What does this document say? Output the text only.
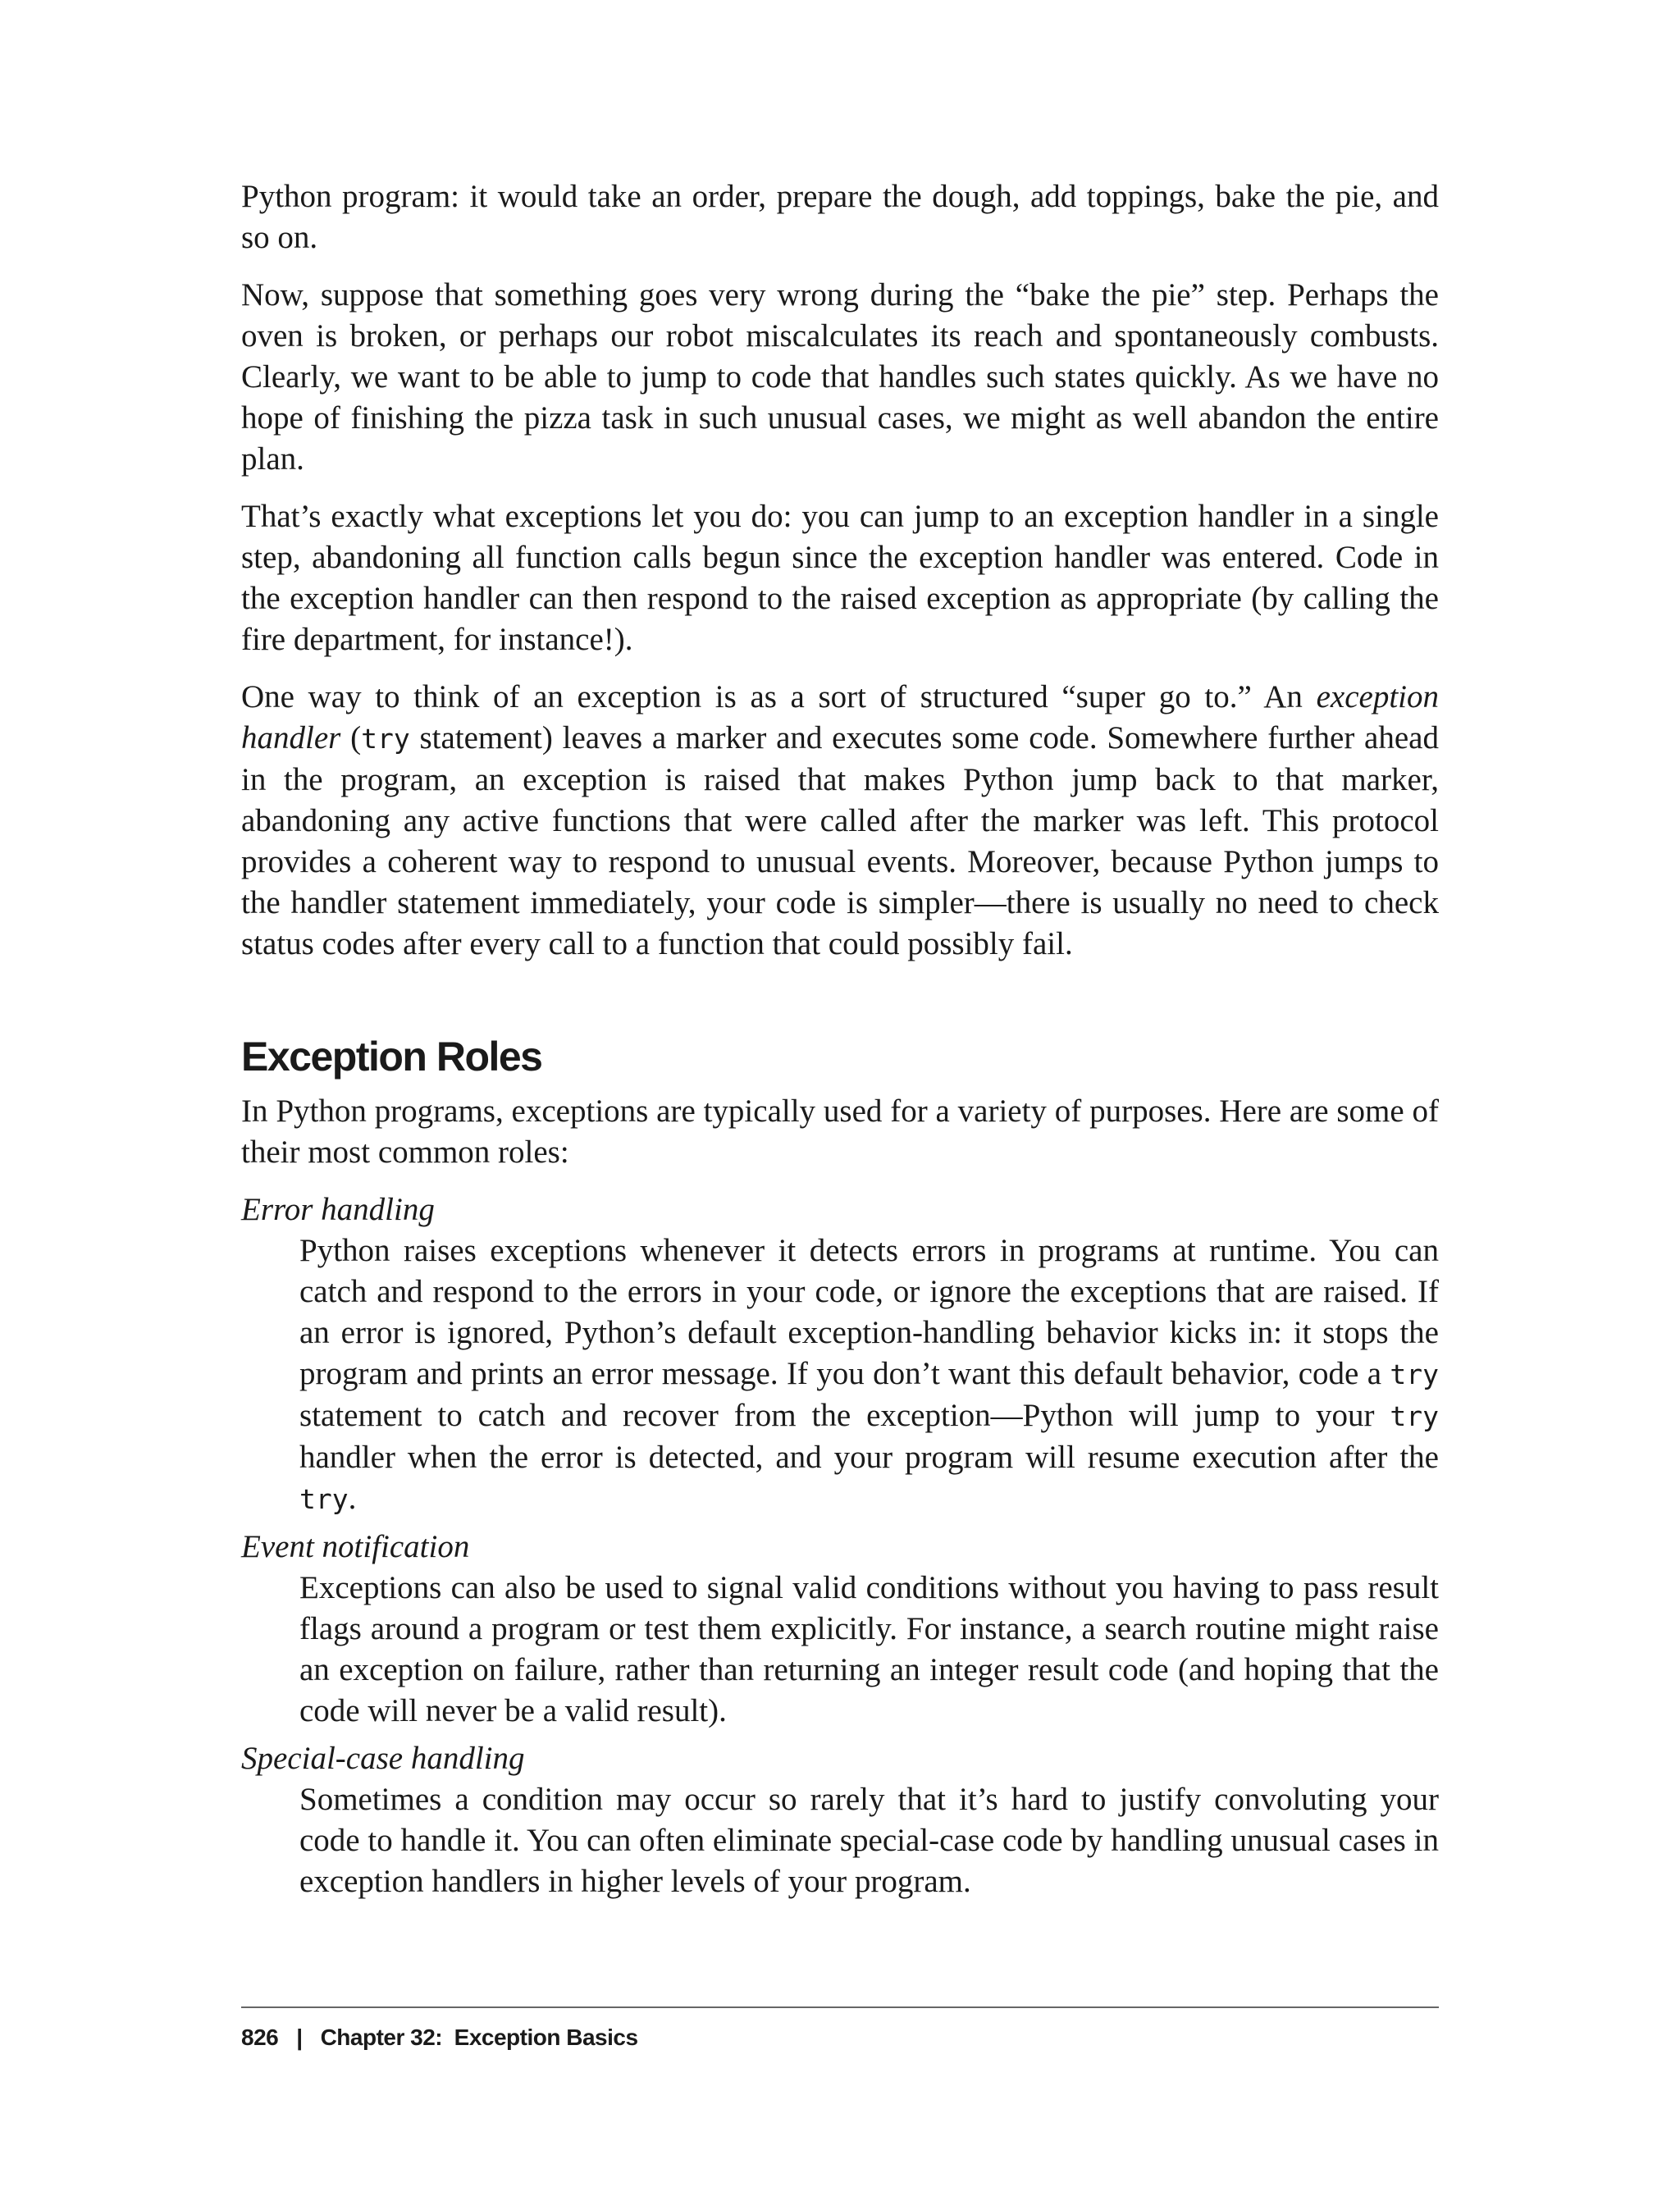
Python program: it would take an order, prepare the dough, add toppings, bake the pie, and so on.

Now, suppose that something goes very wrong during the “bake the pie” step. Perhaps the oven is broken, or perhaps our robot miscalculates its reach and spontaneously combusts. Clearly, we want to be able to jump to code that handles such states quickly. As we have no hope of finishing the pizza task in such unusual cases, we might as well abandon the entire plan.

That’s exactly what exceptions let you do: you can jump to an exception handler in a single step, abandoning all function calls begun since the exception handler was entered. Code in the exception handler can then respond to the raised exception as appropriate (by calling the fire department, for instance!).

One way to think of an exception is as a sort of structured “super go to.” An exception handler (try statement) leaves a marker and executes some code. Somewhere further ahead in the program, an exception is raised that makes Python jump back to that marker, abandoning any active functions that were called after the marker was left. This protocol provides a coherent way to respond to unusual events. Moreover, because Python jumps to the handler statement immediately, your code is simpler—there is usually no need to check status codes after every call to a function that could possibly fail.

Exception Roles

In Python programs, exceptions are typically used for a variety of purposes. Here are some of their most common roles:

Error handling

Python raises exceptions whenever it detects errors in programs at runtime. You can catch and respond to the errors in your code, or ignore the exceptions that are raised. If an error is ignored, Python’s default exception-handling behavior kicks in: it stops the program and prints an error message. If you don’t want this default behavior, code a try statement to catch and recover from the exception—Python will jump to your try handler when the error is detected, and your program will resume execution after the try.

Event notification

Exceptions can also be used to signal valid conditions without you having to pass result flags around a program or test them explicitly. For instance, a search routine might raise an exception on failure, rather than returning an integer result code (and hoping that the code will never be a valid result).

Special-case handling

Sometimes a condition may occur so rarely that it’s hard to justify convoluting your code to handle it. You can often eliminate special-case code by handling unusual cases in exception handlers in higher levels of your program.

826 | Chapter 32:  Exception Basics
